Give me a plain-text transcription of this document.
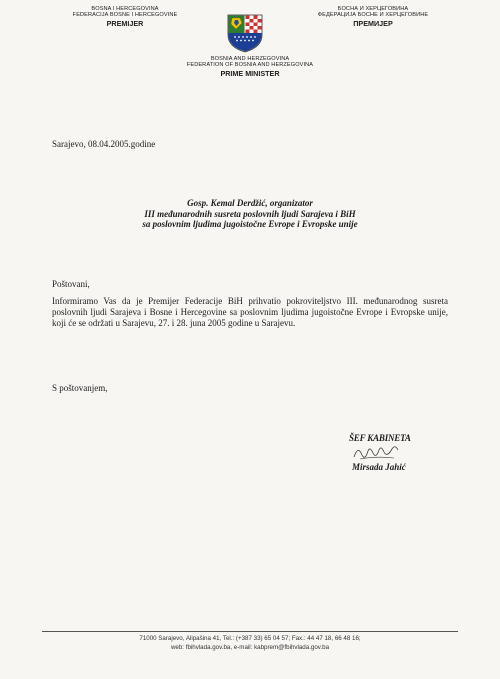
BOSNA I HERCEGOVINA
FEDERACIJA BOSNE I HERCEGOVINE
PREMIJER
БОСНА И ХЕРЦЕГОВИНА
ФЕДЕРАЦИЈА БОСНЕ И ХЕРЦЕГОВИНЕ
ПРЕМИЈЕР
BOSNIA AND HERZEGOVINA
FEDERATION OF BOSNIA AND HERZEGOVINA
PRIME MINISTER
Sarajevo, 08.04.2005.godine
Gosp. Kemal Derdžić, organizator
III međunarodnih susreta poslovnih ljudi Sarajeva i BiH
sa poslovnim ljudima jugoistočne Evrope i Evropske unije
Poštovani,
Informiramo Vas da je Premijer Federacije BiH prihvatio pokroviteljstvo III. međunarodnog susreta poslovnih ljudi Sarajeva i Bosne i Hercegovine sa poslovnim ljudima jugoistočne Evrope i Evropske unije, koji će se održati u Sarajevu, 27. i 28. juna 2005 godine u Sarajevu.
S poštovanjem,
ŠEF KABINETA
Mirsada Jahić
71000 Sarajevo, Alipašina 41, Tel.: (+387 33) 65 04 57; Fax.: 44 47 18, 66 48 16;
web: fbihvlada.gov.ba, e-mail: kabprem@fbihvlada.gov.ba
